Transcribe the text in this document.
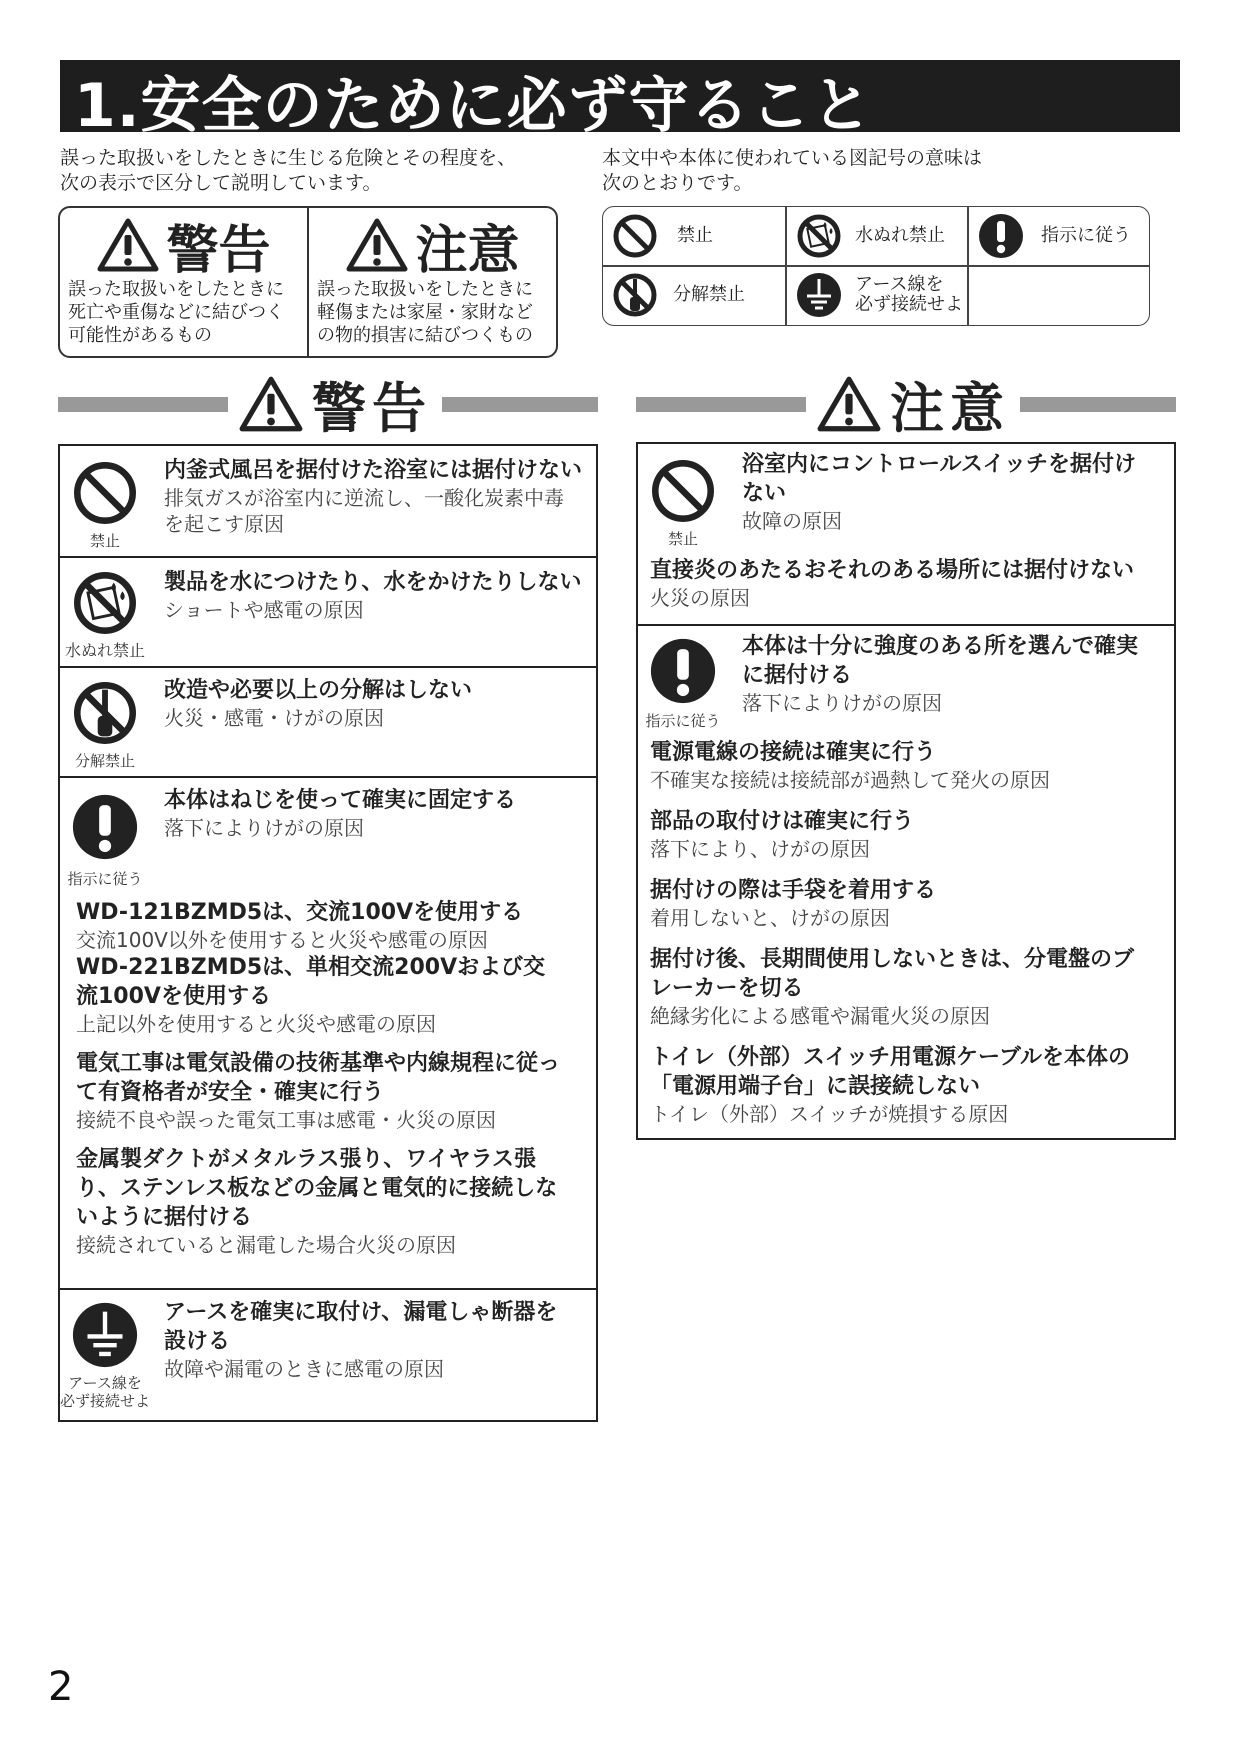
1.安全のために必ず守ること
誤った取扱いをしたときに生じる危険とその程度を、
次の表示で区分して説明しています。
本文中や本体に使われている図記号の意味は
次のとおりです。
警告
誤った取扱いをしたときに
死亡や重傷などに結びつく
可能性があるもの
注意
誤った取扱いをしたときに
軽傷または家屋・家財など
の物的損害に結びつくもの
禁止	水ぬれ禁止	指示に従う
分解禁止	アース線を
必ず接続せよ
警告	注意
禁止
内釜式風呂を据付けた浴室には据付けない
排気ガスが浴室内に逆流し、一酸化炭素中毒
を起こす原因
水ぬれ禁止
製品を水につけたり、水をかけたりしない
ショートや感電の原因
分解禁止
改造や必要以上の分解はしない
火災・感電・けがの原因
指示に従う
本体はねじを使って確実に固定する
落下によりけがの原因
WD-121BZMD5は、交流100Vを使用する
交流100V以外を使用すると火災や感電の原因
WD-221BZMD5は、単相交流200Vおよび交
流100Vを使用する
上記以外を使用すると火災や感電の原因
電気工事は電気設備の技術基準や内線規程に従っ
て有資格者が安全・確実に行う
接続不良や誤った電気工事は感電・火災の原因
金属製ダクトがメタルラス張り、ワイヤラス張
り、ステンレス板などの金属と電気的に接続しな
いように据付ける
接続されていると漏電した場合火災の原因
アース線を
必ず接続せよ
アースを確実に取付け、漏電しゃ断器を
設ける
故障や漏電のときに感電の原因
禁止
浴室内にコントロールスイッチを据付け
ない
故障の原因
直接炎のあたるおそれのある場所には据付けない
火災の原因
指示に従う
本体は十分に強度のある所を選んで確実
に据付ける
落下によりけがの原因
電源電線の接続は確実に行う
不確実な接続は接続部が過熱して発火の原因
部品の取付けは確実に行う
落下により、けがの原因
据付けの際は手袋を着用する
着用しないと、けがの原因
据付け後、長期間使用しないときは、分電盤のブ
レーカーを切る
絶縁劣化による感電や漏電火災の原因
トイレ（外部）スイッチ用電源ケーブルを本体の
「電源用端子台」に誤接続しない
トイレ（外部）スイッチが焼損する原因
2
